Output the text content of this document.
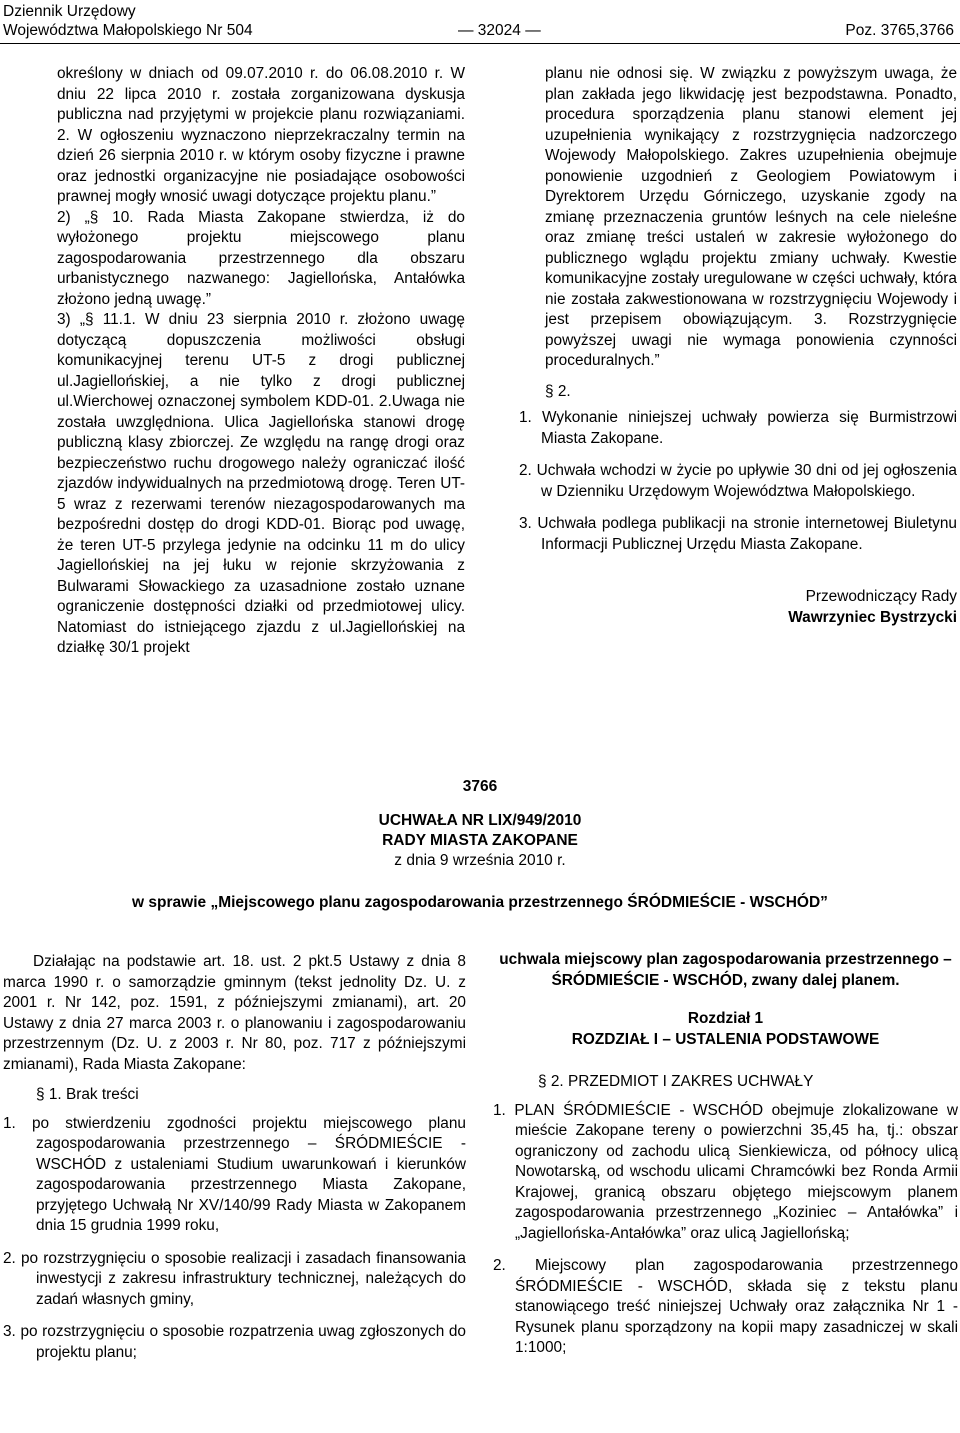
Dziennik Urzędowy
Województwa Małopolskiego Nr 504	— 32024 —	Poz. 3765,3766

określony w dniach od 09.07.2010 r. do 06.08.2010 r. W dniu 22 lipca 2010 r. została zorganizowana dyskusja publiczna nad przyjętymi w projekcie planu rozwiązaniami. 2. W ogłoszeniu wyznaczono nieprzekraczalny termin na dzień 26 sierpnia 2010 r. w którym osoby fizyczne i prawne oraz jednostki organizacyjne nie posiadające osobowości prawnej mogły wnosić uwagi dotyczące projektu planu.”

2) „§ 10. Rada Miasta Zakopane stwierdza, iż do wyłożonego projektu miejscowego planu zagospodarowania przestrzennego dla obszaru urbanistycznego nazwanego: Jagiellońska, Antałówka złożono jedną uwagę.”

3) „§ 11.1. W dniu 23 sierpnia 2010 r. złożono uwagę dotyczącą dopuszczenia możliwości obsługi komunikacyjnej terenu UT-5 z drogi publicznej ul.Jagiellońskiej, a nie tylko z drogi publicznej ul.Wierchowej oznaczonej symbolem KDD-01. 2.Uwaga nie została uwzględniona. Ulica Jagiellońska stanowi drogę publiczną klasy zbiorczej. Ze względu na rangę drogi oraz bezpieczeństwo ruchu drogowego należy ograniczać ilość zjazdów indywidualnych na przedmiotową drogę. Teren UT-5 wraz z rezerwami terenów niezagospodarowanych ma bezpośredni dostęp do drogi KDD-01. Biorąc pod uwagę, że teren UT-5 przylega jedynie na odcinku 11 m do ulicy Jagiellońskiej na jej łuku w rejonie skrzyżowania z Bulwarami Słowackiego za uzasadnione zostało uznane ograniczenie dostępności działki od przedmiotowej ulicy. Natomiast do istniejącego zjazdu z ul.Jagiellońskiej na działkę 30/1 projekt

planu nie odnosi się. W związku z powyższym uwaga, że plan zakłada jego likwidację jest bezpodstawna. Ponadto, procedura sporządzenia planu stanowi element jej uzupełnienia wynikający z rozstrzygnięcia nadzorczego Wojewody Małopolskiego. Zakres uzupełnienia obejmuje ponowienie uzgodnień z Geologiem Powiatowym i Dyrektorem Urzędu Górniczego, uzyskanie zgody na zmianę przeznaczenia gruntów leśnych na cele nieleśne oraz zmianę treści ustaleń w zakresie wyłożonego do publicznego wglądu projektu zmiany uchwały. Kwestie komunikacyjne zostały uregulowane w części uchwały, która nie została zakwestionowana w rozstrzygnięciu Wojewody i jest przepisem obowiązującym. 3. Rozstrzygnięcie powyższej uwagi nie wymaga ponowienia czynności proceduralnych.”

§ 2.

1. Wykonanie niniejszej uchwały powierza się Burmistrzowi Miasta Zakopane.

2. Uchwała wchodzi w życie po upływie 30 dni od jej ogłoszenia w Dzienniku Urzędowym Województwa Małopolskiego.

3. Uchwała podlega publikacji na stronie internetowej Biuletynu Informacji Publicznej Urzędu Miasta Zakopane.

Przewodniczący Rady
Wawrzyniec Bystrzycki
3766
UCHWAŁA NR LIX/949/2010
RADY MIASTA ZAKOPANE
z dnia 9 września 2010 r.
w sprawie „Miejscowego planu zagospodarowania przestrzennego ŚRÓDMIEŚCIE - WSCHÓD”

Działając na podstawie art. 18. ust. 2 pkt.5 Ustawy z dnia 8 marca 1990 r. o samorządzie gminnym (tekst jednolity Dz. U. z 2001 r. Nr 142, poz. 1591, z późniejszymi zmianami), art. 20 Ustawy z dnia 27 marca 2003 r. o planowaniu i zagospodarowaniu przestrzennym (Dz. U. z 2003 r. Nr 80, poz. 717 z późniejszymi zmianami), Rada Miasta Zakopane:

§ 1. Brak treści

1. po stwierdzeniu zgodności projektu miejscowego planu zagospodarowania przestrzennego – ŚRÓDMIEŚCIE - WSCHÓD z ustaleniami Studium uwarunkowań i kierunków zagospodarowania przestrzennego Miasta Zakopane, przyjętego Uchwałą Nr XV/140/99 Rady Miasta w Zakopanem dnia 15 grudnia 1999 roku,

2. po rozstrzygnięciu o sposobie realizacji i zasadach finansowania inwestycji z zakresu infrastruktury technicznej, należących do zadań własnych gminy,

3. po rozstrzygnięciu o sposobie rozpatrzenia uwag zgłoszonych do projektu planu;

uchwala miejscowy plan zagospodarowania przestrzennego – ŚRÓDMIEŚCIE - WSCHÓD, zwany dalej planem.

Rozdział 1

ROZDZIAŁ I – USTALENIA PODSTAWOWE

§ 2. PRZEDMIOT I ZAKRES UCHWAŁY

1. PLAN ŚRÓDMIEŚCIE - WSCHÓD obejmuje zlokalizowane w mieście Zakopane tereny o powierzchni 35,45 ha, tj.: obszar ograniczony od zachodu ulicą Sienkiewicza, od północy ulicą Nowotarską, od wschodu ulicami Chramcówki bez Ronda Armii Krajowej, granicą obszaru objętego miejscowym planem zagospodarowania przestrzennego „Koziniec – Antałówka” i „Jagiellońska-Antałówka” oraz ulicą Jagiellońską;

2. Miejscowy plan zagospodarowania przestrzennego ŚRÓDMIEŚCIE - WSCHÓD, składa się z tekstu planu stanowiącego treść niniejszej Uchwały oraz załącznika Nr 1 - Rysunek planu sporządzony na kopii mapy zasadniczej w skali 1:1000;
